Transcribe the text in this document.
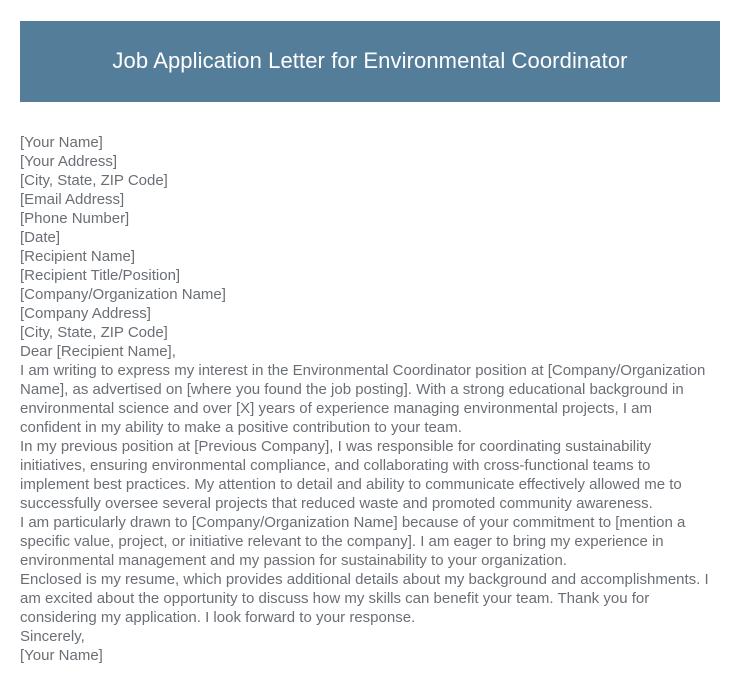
Job Application Letter for Environmental Coordinator
[Your Name]
[Your Address]
[City, State, ZIP Code]
[Email Address]
[Phone Number]
[Date]
[Recipient Name]
[Recipient Title/Position]
[Company/Organization Name]
[Company Address]
[City, State, ZIP Code]
Dear [Recipient Name],
I am writing to express my interest in the Environmental Coordinator position at [Company/Organization Name], as advertised on [where you found the job posting]. With a strong educational background in environmental science and over [X] years of experience managing environmental projects, I am confident in my ability to make a positive contribution to your team.
In my previous position at [Previous Company], I was responsible for coordinating sustainability initiatives, ensuring environmental compliance, and collaborating with cross-functional teams to implement best practices. My attention to detail and ability to communicate effectively allowed me to successfully oversee several projects that reduced waste and promoted community awareness.
I am particularly drawn to [Company/Organization Name] because of your commitment to [mention a specific value, project, or initiative relevant to the company]. I am eager to bring my experience in environmental management and my passion for sustainability to your organization.
Enclosed is my resume, which provides additional details about my background and accomplishments. I am excited about the opportunity to discuss how my skills can benefit your team. Thank you for considering my application. I look forward to your response.
Sincerely,
[Your Name]
